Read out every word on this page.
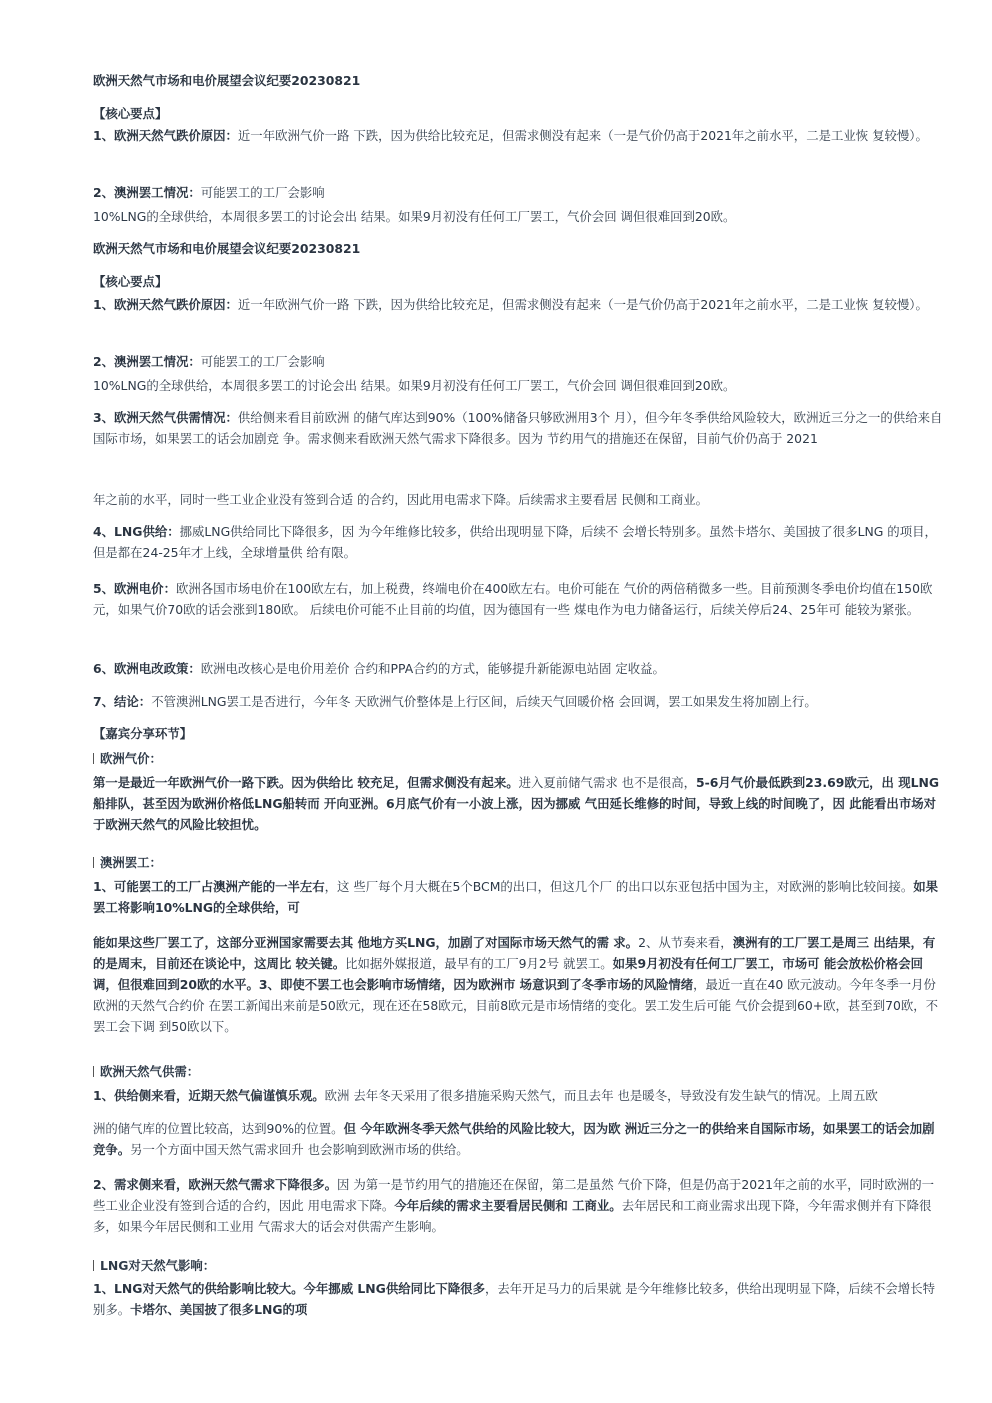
欧洲天然气市场和电价展望会议纪要20230821
【核心要点】
1、欧洲天然气跌价原因：近一年欧洲气价一路 下跌，因为供给比较充足，但需求侧没有起来（一是气价仍高于2021年之前水平，二是工业恢 复较慢）。
2、澳洲罢工情况：可能罢工的工厂会影响
10%LNG的全球供给，本周很多罢工的讨论会出 结果。如果9月初没有任何工厂罢工，气价会回 调但很难回到20欧。
欧洲天然气市场和电价展望会议纪要20230821
【核心要点】
1、欧洲天然气跌价原因：近一年欧洲气价一路 下跌，因为供给比较充足，但需求侧没有起来（一是气价仍高于2021年之前水平，二是工业恢 复较慢）。
2、澳洲罢工情况：可能罢工的工厂会影响
10%LNG的全球供给，本周很多罢工的讨论会出 结果。如果9月初没有任何工厂罢工，气价会回 调但很难回到20欧。
3、欧洲天然气供需情况：供给侧来看目前欧洲 的储气库达到90%（100%储备只够欧洲用3个 月），但今年冬季供给风险较大，欧洲近三分之一的供给来自国际市场，如果罢工的话会加剧竞 争。需求侧来看欧洲天然气需求下降很多。因为 节约用气的措施还在保留，目前气价仍高于 2021
年之前的水平，同时一些工业企业没有签到合适 的合约，因此用电需求下降。后续需求主要看居 民侧和工商业。
4、LNG供给：挪威LNG供给同比下降很多，因 为今年维修比较多，供给出现明显下降，后续不 会增长特别多。虽然卡塔尔、美国披了很多LNG 的项目，但是都在24-25年才上线，全球增量供 给有限。
5、欧洲电价：欧洲各国市场电价在100欧左右，加上税费，终端电价在400欧左右。电价可能在 气价的两倍稍微多一些。目前预测冬季电价均值在150欧元，如果气价70欧的话会涨到180欧。 后续电价可能不止目前的均值，因为德国有一些 煤电作为电力储备运行，后续关停后24、25年可 能较为紧张。
6、欧洲电改政策：欧洲电改核心是电价用差价 合约和PPA合约的方式，能够提升新能源电站固 定收益。
7、结论：不管澳洲LNG罢工是否进行，今年冬 天欧洲气价整体是上行区间，后续天气回暖价格 会回调，罢工如果发生将加剧上行。
【嘉宾分享环节】
欧洲气价：
第一是最近一年欧洲气价一路下跌。因为供给比 较充足，但需求侧没有起来。进入夏前储气需求 也不是很高，5-6月气价最低跌到23.69欧元，出 现LNG船排队，甚至因为欧洲价格低LNG船转而 开向亚洲。6月底气价有一小波上涨，因为挪威 气田延长维修的时间，导致上线的时间晚了，因 此能看出市场对于欧洲天然气的风险比较担忧。
澳洲罢工：
1、可能罢工的工厂占澳洲产能的一半左右，这 些厂每个月大概在5个BCM的出口，但这几个厂 的出口以东亚包括中国为主，对欧洲的影响比较间接。如果罢工将影响10%LNG的全球供给，可
能如果这些厂罢工了，这部分亚洲国家需要去其 他地方买LNG，加剧了对国际市场天然气的需 求。2、从节奏来看，澳洲有的工厂罢工是周三 出结果，有的是周末，目前还在谈论中，这周比 较关键。比如据外媒报道，最早有的工厂9月2号 就罢工。如果9月初没有任何工厂罢工，市场可 能会放松价格会回调，但很难回到20欧的水平。3、即使不罢工也会影响市场情绪，因为欧洲市 场意识到了冬季市场的风险情绪，最近一直在40 欧元波动。今年冬季一月份欧洲的天然气合约价 在罢工新闻出来前是50欧元，现在还在58欧元，目前8欧元是市场情绪的变化。罢工发生后可能 气价会提到60+欧，甚至到70欧，不罢工会下调 到50欧以下。
欧洲天然气供需：
1、供给侧来看，近期天然气偏谨慎乐观。欧洲 去年冬天采用了很多措施采购天然气，而且去年 也是暖冬，导致没有发生缺气的情况。上周五欧
洲的储气库的位置比较高，达到90%的位置。但 今年欧洲冬季天然气供给的风险比较大，因为欧 洲近三分之一的供给来自国际市场，如果罢工的话会加剧竞争。另一个方面中国天然气需求回升 也会影响到欧洲市场的供给。
2、需求侧来看，欧洲天然气需求下降很多。因 为第一是节约用气的措施还在保留，第二是虽然 气价下降，但是仍高于2021年之前的水平，同时欧洲的一些工业企业没有签到合适的合约，因此 用电需求下降。今年后续的需求主要看居民侧和 工商业。去年居民和工商业需求出现下降，今年需求侧并有下降很多，如果今年居民侧和工业用 气需求大的话会对供需产生影响。
LNG对天然气影响：
1、LNG对天然气的供给影响比较大。今年挪威 LNG供给同比下降很多，去年开足马力的后果就 是今年维修比较多，供给出现明显下降，后续不会增长特别多。卡塔尔、美国披了很多LNG的项
